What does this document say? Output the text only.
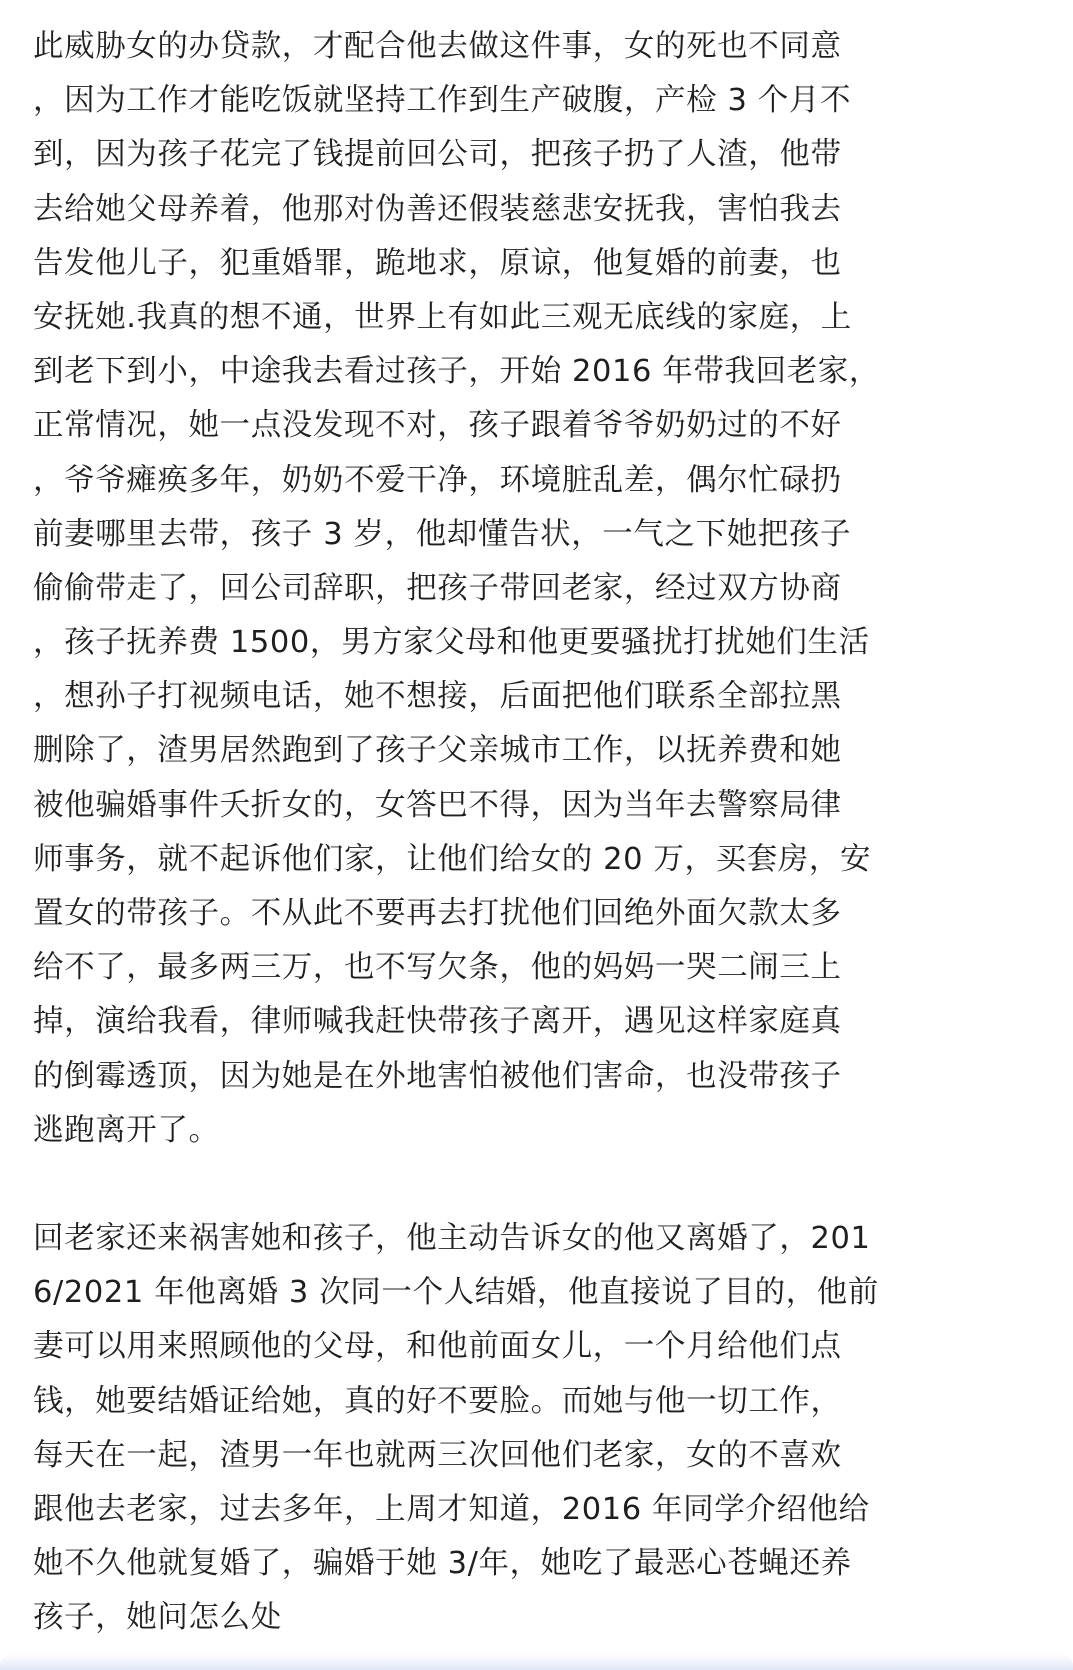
此威胁女的办贷款，才配合他去做这件事，女的死也不同意
，因为工作才能吃饭就坚持工作到生产破腹，产检 3 个月不
到，因为孩子花完了钱提前回公司，把孩子扔了人渣，他带
去给她父母养着，他那对伪善还假装慈悲安抚我，害怕我去
告发他儿子，犯重婚罪，跪地求，原谅，他复婚的前妻，也
安抚她.我真的想不通，世界上有如此三观无底线的家庭，上
到老下到小，中途我去看过孩子，开始 2016 年带我回老家，
正常情况，她一点没发现不对，孩子跟着爷爷奶奶过的不好
，爷爷瘫痪多年，奶奶不爱干净，环境脏乱差，偶尔忙碌扔
前妻哪里去带，孩子 3 岁，他却懂告状，一气之下她把孩子
偷偷带走了，回公司辞职，把孩子带回老家，经过双方协商
，孩子抚养费 1500，男方家父母和他更要骚扰打扰她们生活
，想孙子打视频电话，她不想接，后面把他们联系全部拉黑
删除了，渣男居然跑到了孩子父亲城市工作，以抚养费和她
被他骗婚事件夭折女的，女答巴不得，因为当年去警察局律
师事务，就不起诉他们家，让他们给女的 20 万，买套房，安
置女的带孩子。不从此不要再去打扰他们回绝外面欠款太多
给不了，最多两三万，也不写欠条，他的妈妈一哭二闹三上
掉，演给我看，律师喊我赶快带孩子离开，遇见这样家庭真
的倒霉透顶，因为她是在外地害怕被他们害命，也没带孩子
逃跑离开了。
回老家还来祸害她和孩子，他主动告诉女的他又离婚了，201
6/2021 年他离婚 3 次同一个人结婚，他直接说了目的，他前
妻可以用来照顾他的父母，和他前面女儿，一个月给他们点
钱，她要结婚证给她，真的好不要脸。而她与他一切工作，
每天在一起，渣男一年也就两三次回他们老家，女的不喜欢
跟他去老家，过去多年，上周才知道，2016 年同学介绍他给
她不久他就复婚了，骗婚于她 3/年，她吃了最恶心苍蝇还养
孩子，她问怎么处
